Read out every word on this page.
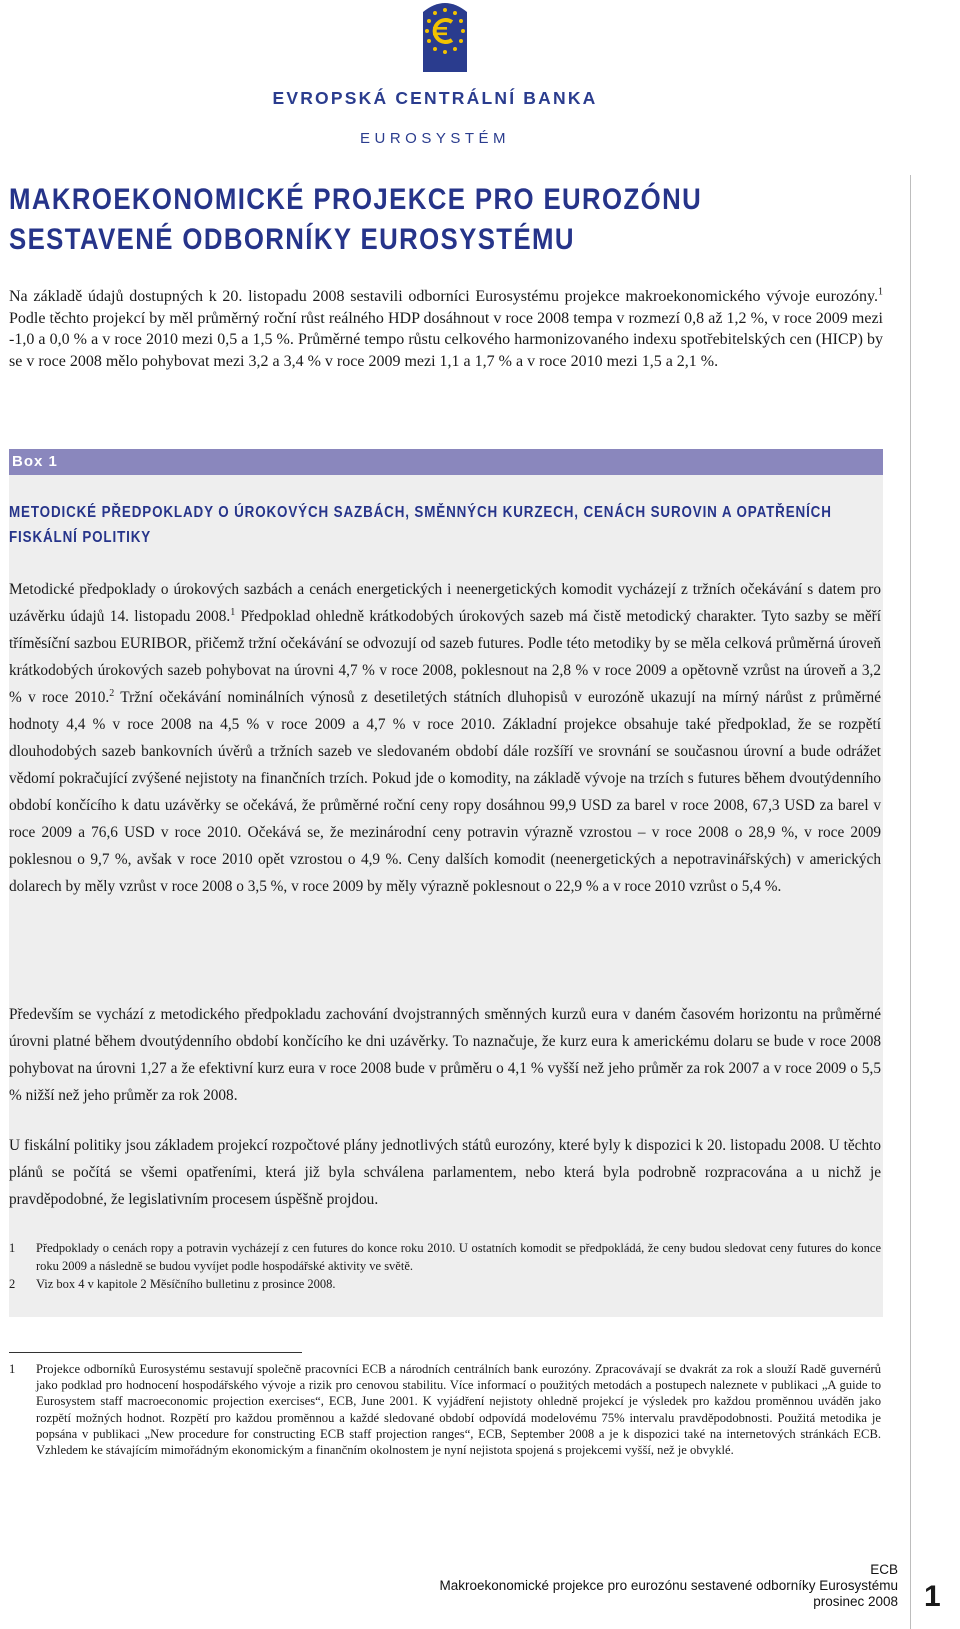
EVROPSKÁ CENTRÁLNÍ BANKA
EUROSYSTÉM
MAKROEKONOMICKÉ PROJEKCE PRO EUROZÓNU
SESTAVENÉ ODBORNÍKY EUROSYSTÉMU

Na základě údajů dostupných k 20. listopadu 2008 sestavili odborníci Eurosystému projekce makroekonomického vývoje eurozóny.$^1$ Podle těchto projekcí by měl průměrný roční růst reálného HDP dosáhnout v roce 2008 tempa v rozmezí 0,8 až 1,2 %, v roce 2009 mezi -1,0 a 0,0 % a v roce 2010 mezi 0,5 a 1,5 %. Průměrné tempo růstu celkového harmonizovaného indexu spotřebitelských cen (HICP) by se v roce 2008 mělo pohybovat mezi 3,2 a 3,4 % v roce 2009 mezi 1,1 a 1,7 % a v roce 2010 mezi 1,5 a 2,1 %.

Box 1
METODICKÉ PŘEDPOKLADY O ÚROKOVÝCH SAZBÁCH, SMĚNNÝCH KURZECH, CENÁCH SUROVIN A OPATŘENÍCH
FISKÁLNÍ POLITIKY

Metodické předpoklady o úrokových sazbách a cenách energetických i neenergetických komodit vycházejí z tržních očekávání s datem pro uzávěrku údajů 14. listopadu 2008.$^1$ Předpoklad ohledně krátkodobých úrokových sazeb má čistě metodický charakter. Tyto sazby se měří tříměsíční sazbou EURIBOR, přičemž tržní očekávání se odvozují od sazeb futures. Podle této metodiky by se měla celková průměrná úroveň krátkodobých úrokových sazeb pohybovat na úrovni 4,7 % v roce 2008, poklesnout na 2,8 % v roce 2009 a opětovně vzrůst na úroveň a 3,2 % v roce 2010.$^2$ Tržní očekávání nominálních výnosů z desetiletých státních dluhopisů v eurozóně ukazují na mírný nárůst z průměrné hodnoty 4,4 % v roce 2008 na 4,5 % v roce 2009 a 4,7 % v roce 2010. Základní projekce obsahuje také předpoklad, že se rozpětí dlouhodobých sazeb bankovních úvěrů a tržních sazeb ve sledovaném období dále rozšíří ve srovnání se současnou úrovní a bude odrážet vědomí pokračující zvýšené nejistoty na finančních trzích. Pokud jde o komodity, na základě vývoje na trzích s futures během dvoutýdenního období končícího k datu uzávěrky se očekává, že průměrné roční ceny ropy dosáhnou 99,9 USD za barel v roce 2008, 67,3 USD za barel v roce 2009 a 76,6 USD v roce 2010. Očekává se, že mezinárodní ceny potravin výrazně vzrostou – v roce 2008 o 28,9 %, v roce 2009 poklesnou o 9,7 %, avšak v roce 2010 opět vzrostou o 4,9 %. Ceny dalších komodit (neenergetických a nepotravinářských) v amerických dolarech by měly vzrůst v roce 2008 o 3,5 %, v roce 2009 by měly výrazně poklesnout o 22,9 % a v roce 2010 vzrůst o 5,4 %.

Především se vychází z metodického předpokladu zachování dvojstranných směnných kurzů eura v daném časovém horizontu na průměrné úrovni platné během dvoutýdenního období končícího ke dni uzávěrky. To naznačuje, že kurz eura k americkému dolaru se bude v roce 2008 pohybovat na úrovni 1,27 a že efektivní kurz eura v roce 2008 bude v průměru o 4,1 % vyšší než jeho průměr za rok 2007 a v roce 2009 o 5,5 % nižší než jeho průměr za rok 2008.

U fiskální politiky jsou základem projekcí rozpočtové plány jednotlivých států eurozóny, které byly k dispozici k 20. listopadu 2008. U těchto plánů se počítá se všemi opatřeními, která již byla schválena parlamentem, nebo která byla podrobně rozpracována a u nichž je pravděpodobné, že legislativním procesem úspěšně projdou.

1	Předpoklady o cenách ropy a potravin vycházejí z cen futures do konce roku 2010. U ostatních komodit se předpokládá, že ceny budou sledovat ceny futures do konce roku 2009 a následně se budou vyvíjet podle hospodářské aktivity ve světě.

2	Viz box 4 v kapitole 2 Měsíčního bulletinu z prosince 2008.

1	Projekce odborníků Eurosystému sestavují společně pracovníci ECB a národních centrálních bank eurozóny. Zpracovávají se dvakrát za rok a slouží Radě guvernérů jako podklad pro hodnocení hospodářského vývoje a rizik pro cenovou stabilitu. Více informací o použitých metodách a postupech naleznete v publikaci „A guide to Eurosystem staff macroeconomic projection exercises“, ECB, June 2001. K vyjádření nejistoty ohledně projekcí je výsledek pro každou proměnnou uváděn jako rozpětí možných hodnot. Rozpětí pro každou proměnnou a každé sledované období odpovídá modelovému 75% intervalu pravděpodobnosti. Použitá metodika je popsána v publikaci „New procedure for constructing ECB staff projection ranges“, ECB, September 2008 a je k dispozici také na internetových stránkách ECB. Vzhledem ke stávajícím mimořádným ekonomickým a finančním okolnostem je nyní nejistota spojená s projekcemi vyšší, než je obvyklé.

ECB
Makroekonomické projekce pro eurozónu sestavené odborníky Eurosystému
prosinec 2008 1
